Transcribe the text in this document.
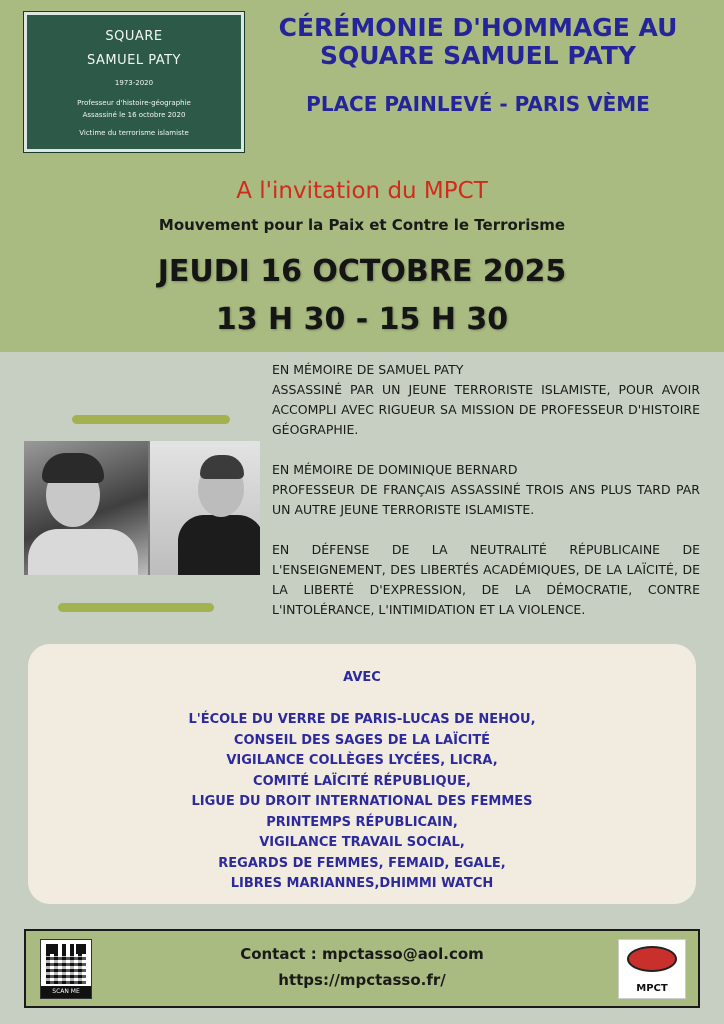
SQUARE
SAMUEL PATY
1973-2020
Professeur d'histoire-géographie
Assassiné le 16 octobre 2020
Victime du terrorisme islamiste
CÉRÉMONIE D'HOMMAGE AU SQUARE SAMUEL PATY
PLACE PAINLEVÉ - PARIS VÈME
A l'invitation du MPCT
Mouvement pour la Paix et Contre le Terrorisme
JEUDI 16 OCTOBRE 2025
13 H 30 - 15 H 30

EN MÉMOIRE DE SAMUEL PATY

ASSASSINÉ PAR UN JEUNE TERRORISTE ISLAMISTE, POUR AVOIR ACCOMPLI AVEC RIGUEUR SA MISSION DE PROFESSEUR D'HISTOIRE GÉOGRAPHIE.

EN MÉMOIRE DE DOMINIQUE BERNARD

PROFESSEUR DE FRANÇAIS ASSASSINÉ TROIS ANS PLUS TARD PAR UN AUTRE JEUNE TERRORISTE ISLAMISTE.

EN DÉFENSE DE LA NEUTRALITÉ RÉPUBLICAINE DE L'ENSEIGNEMENT, DES LIBERTÉS ACADÉMIQUES, DE LA LAÏCITÉ, DE LA LIBERTÉ D'EXPRESSION, DE LA DÉMOCRATIE, CONTRE L'INTOLÉRANCE, L'INTIMIDATION ET LA VIOLENCE.

AVEC
L'ÉCOLE DU VERRE DE PARIS-LUCAS DE NEHOU,
CONSEIL DES SAGES DE LA LAÏCITÉ
VIGILANCE COLLÈGES LYCÉES, LICRA,
COMITÉ LAÏCITÉ RÉPUBLIQUE,
LIGUE DU DROIT INTERNATIONAL DES FEMMES
PRINTEMPS RÉPUBLICAIN,
VIGILANCE TRAVAIL SOCIAL,
REGARDS DE FEMMES, FEMAID, EGALE,
LIBRES MARIANNES,DHIMMI WATCH
SCAN ME
Contact : mpctasso@aol.com
https://mpctasso.fr/	MPCT
